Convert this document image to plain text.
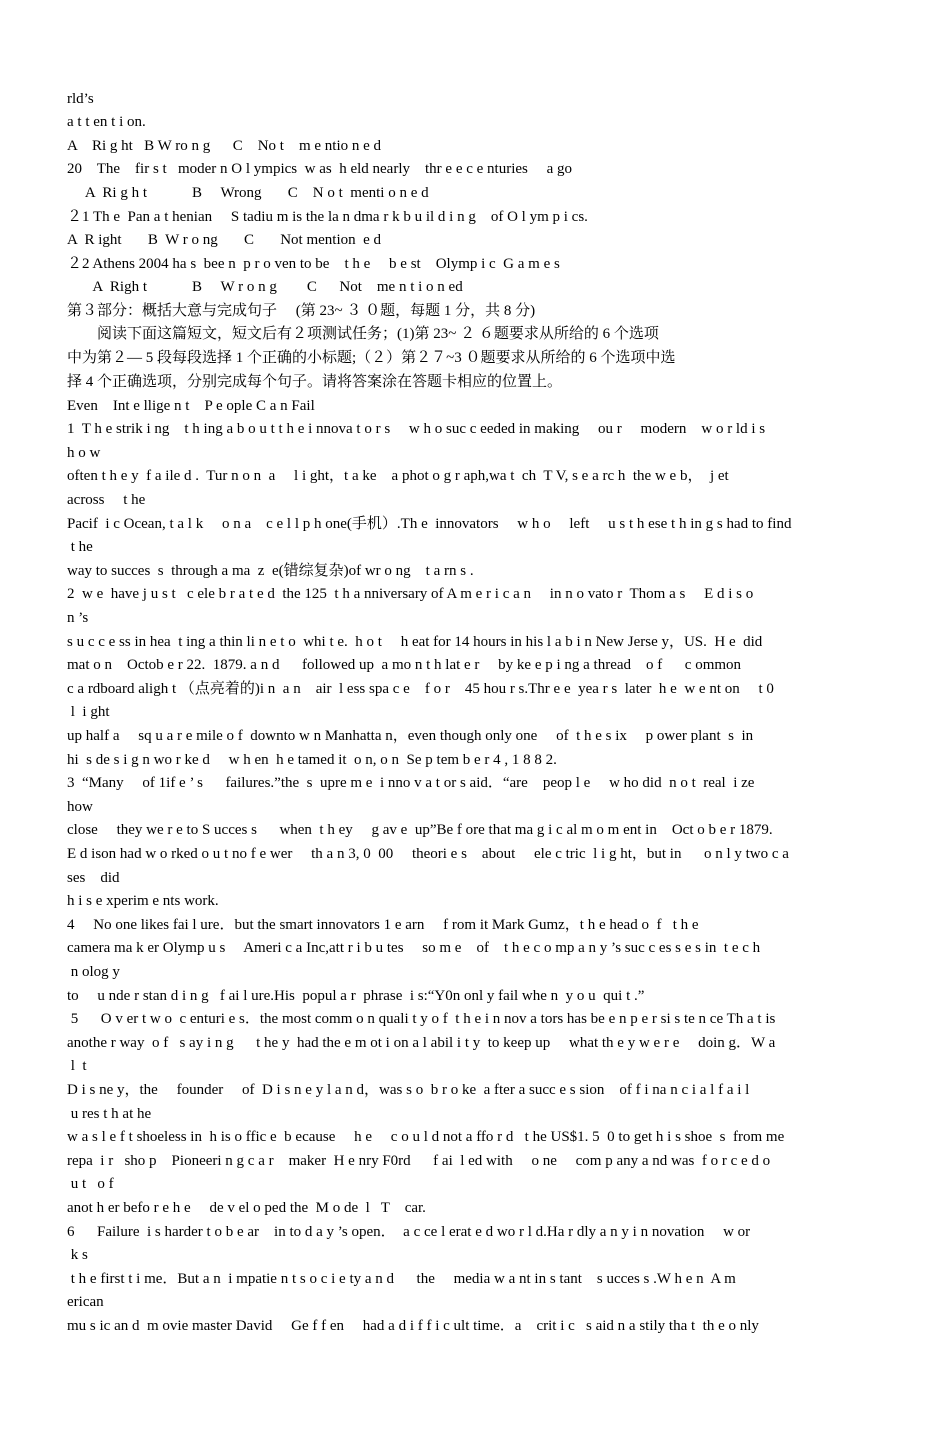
rld’s
a t t en t i on.
A    Ri g ht   B W ro n g      C    No t    m e ntio n e d
20    The    fir s t   moder n O l ympics  w as  h eld nearly    thr e e c e nturies     a go
A  Ri g h t            B     Wrong       C    N o t  menti o n e d
２1 Th e  Pan a t henian     S tadiu m is the la n dma r k b u il d i n g    of O l ym p i cs.
A  R ight       B  W r o ng       C       Not mention  e d
２2 Athens 2004 ha s  bee n  p r o ven to be    t h e     b e st    Olymp i c  G a m e s
A  Righ t            B     W r o n g        C      Not    me n t i o n ed
第３部分：概括大意与完成句子　 (第 23~ ３ ０题，每题 1 分，共 8 分)
阅读下面这篇短文，短文后有２项测试任务；(1)第 23~ ２ ６题要求从所给的 6 个选项
中为第２— 5 段每段选择 1 个正确的小标题;（２）第２７~3 ０题要求从所给的 6 个选项中选
择 4 个正确选项，分别完成每个句子。请将答案涂在答题卡相应的位置上。
Even    Int e llige n t    P e ople C a n Fail
1  T h e strik i ng    t h ing a b o u t t h e i nnova t o r s     w h o suc c eeded in making     ou r     modern    w o r ld i s
h o w
often t h e y  f a ile d .  Tur n o n  a     l i ght，t a ke    a phot o g r aph,wa t  ch  T V, s e a rc h  the w e b，  j et
across     t he
Pacif  i c Ocean, t a l k     o n a    c e l l p h one(手机）.Th e  innovators     w h o     left     u s t h ese t h in g s had to find
t he
way to succes  s  through a ma  z  e(错综复杂)of wr o ng    t a rn s .
2  w e  have j u s t   c ele b r a t e d  the 125  t h a nniversary of A m e r i c a n     in n o vato r  Thom a s     E d i s o
n ’s
s u c c e ss in hea  t ing a thin li n e t o  whi t e.  h o t     h eat for 14 hours in his l a b i n New Jerse y，US.  H e  did
mat o n    Octob e r 22.  1879. a n d      followed up  a mo n t h lat e r     by ke e p i ng a thread    o f      c ommon
c a rdboard aligh t （点亮着的)i n  a n    air  l ess spa c e    f o r    45 hou r s.Thr e e  yea r s  later  h e  w e nt on     t 0
l  i ght
up half a     sq u a r e mile o f  downto w n Manhatta n，even though only one     of  t h e s ix     p ower plant  s  in
hi  s de s i g n wo r ke d     w h en  h e tamed it  o n, o n  Se p tem b e r 4 , 1 8 8 2.
3  “Many     of 1if e ’ s      failures.”the  s  upre m e  i nno v a t or s aid．“are    peop l e     w ho did  n o t  real  i ze
how
close     they we r e to S ucces s      when  t h ey     g av e  up”Be f ore that ma g i c al m o m ent in    Oct o b e r 1879.
E d ison had w o rked o u t no f e wer     th a n 3, 0  00     theori e s    about     ele c tric  l i g ht，but in      o n l y two c a
ses    did
h i s e xperim e nts work.
4     No one likes fai l ure．but the smart innovators 1 e arn     f rom it Mark Gumz，t h e head o  f   t h e
camera ma k er Olymp u s     Ameri c a Inc,att r i b u tes     so m e    of    t h e c o mp a n y ’s suc c es s e s in  t e c h
n olog y
to     u nde r stan d i n g   f ai l ure.His  popul a r  phrase  i s:“Y0n onl y fail whe n  y o u  qui t .”
5      O v er t w o  c enturi e s．the most comm o n quali t y o f  t h e i n nov a tors has be e n p e r si s te n ce Th a t is
anothe r way  o f   s ay i n g      t he y  had the e m ot i on a l abil i t y  to keep up     what th e y w e r e     doin g．W a
l  t
D i s ne y，the     founder     of  D i s n e y l a n d，was s o  b r o ke  a fter a succ e s sion    of f i na n c i a l f a i l
u res t h at he
w a s l e f t shoeless in  h is o ffic e  b ecause     h e     c o u l d not a ffo r d   t he US$1. 5  0 to get h i s shoe  s  from me
repa  i r   sho p    Pioneeri n g c a r    maker  H e nry F0rd      f ai  l ed with     o ne     com p any a nd was  f o r c e d o
u t   o f
anot h er befo r e h e     de v el o ped the  M o de  l   T    car.
6      Failure  i s harder t o b e ar    in to d a y ’s open．  a c ce l erat e d wo r l d.Ha r dly a n y i n novation     w or
k s
t h e first t i me．But a n  i mpatie n t s o c i e ty a n d      the     media w a nt in s tant    s ucces s .W h e n  A m
erican
mu s ic an d  m ovie master David     Ge f f en     had a d i f f i c ult time．a    crit i c   s aid n a stily tha t  th e o nly
